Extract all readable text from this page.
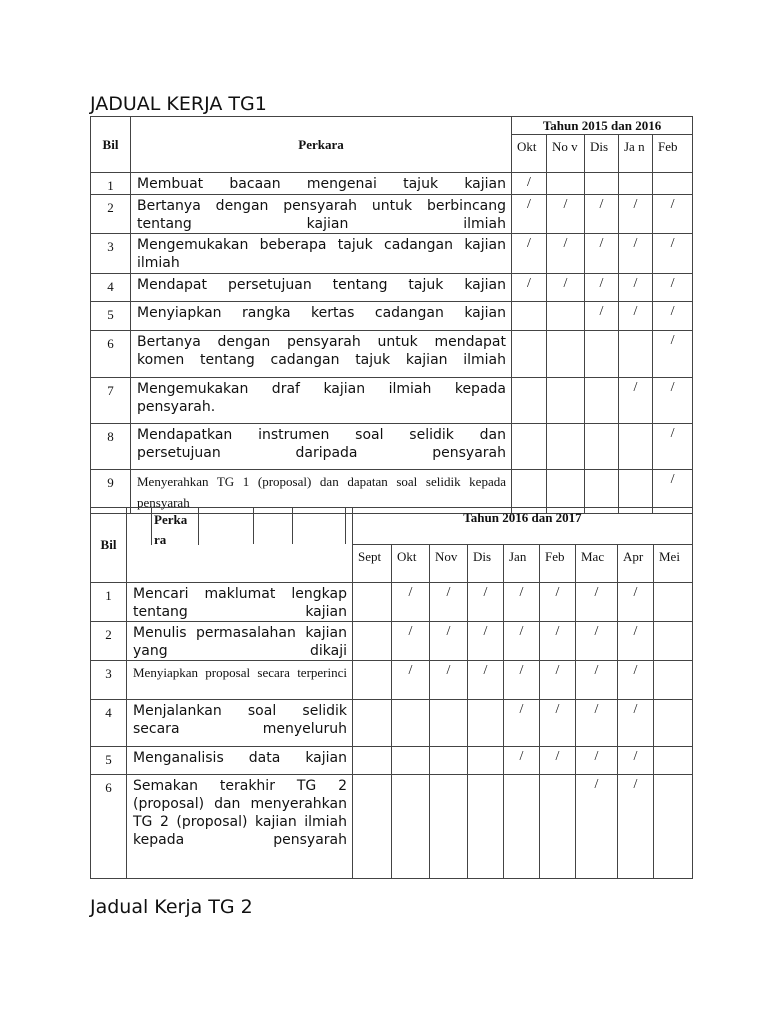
JADUAL KERJA TG1
Bil	Perkara	Tahun 2015 dan 2016				
		Okt	No v	Dis	Ja n	Feb
1	Membuat bacaan mengenai tajuk kajian	/				
2	Bertanya dengan pensyarah untuk berbincang tentang kajian ilmiah	/	/	/	/	/
3	Mengemukakan beberapa tajuk cadangan kajian ilmiah	/	/	/	/	/
4	Mendapat persetujuan tentang tajuk kajian	/	/	/	/	/
5	Menyiapkan rangka kertas cadangan kajian			/	/	/
6	Bertanya dengan pensyarah untuk mendapat komen tentang cadangan tajuk kajian ilmiah					/
7	Mengemukakan draf kajian ilmiah kepada pensyarah.				/	/
8	Mendapatkan instrumen soal selidik dan persetujuan daripada pensyarah					/
9	Menyerahkan TG 1 (proposal) dan dapatan soal selidik kepada pensyarah					/
Bil	Perka ra	Tahun 2016 dan 2017								
		Sept	Okt	Nov	Dis	Jan	Feb	Mac	Apr	Mei
1	Mencari maklumat lengkap tentang kajian		/	/	/	/	/	/	/	
2	Menulis permasalahan kajian yang dikaji		/	/	/	/	/	/	/	
3	Menyiapkan proposal secara terperinci		/	/	/	/	/	/	/	
4	Menjalankan soal selidik secara menyeluruh					/	/	/	/	
5	Menganalisis data kajian					/	/	/	/	
6	Semakan terakhir TG 2 (proposal) dan menyerahkan TG 2 (proposal) kajian ilmiah kepada pensyarah							/	/	
Jadual Kerja TG 2
